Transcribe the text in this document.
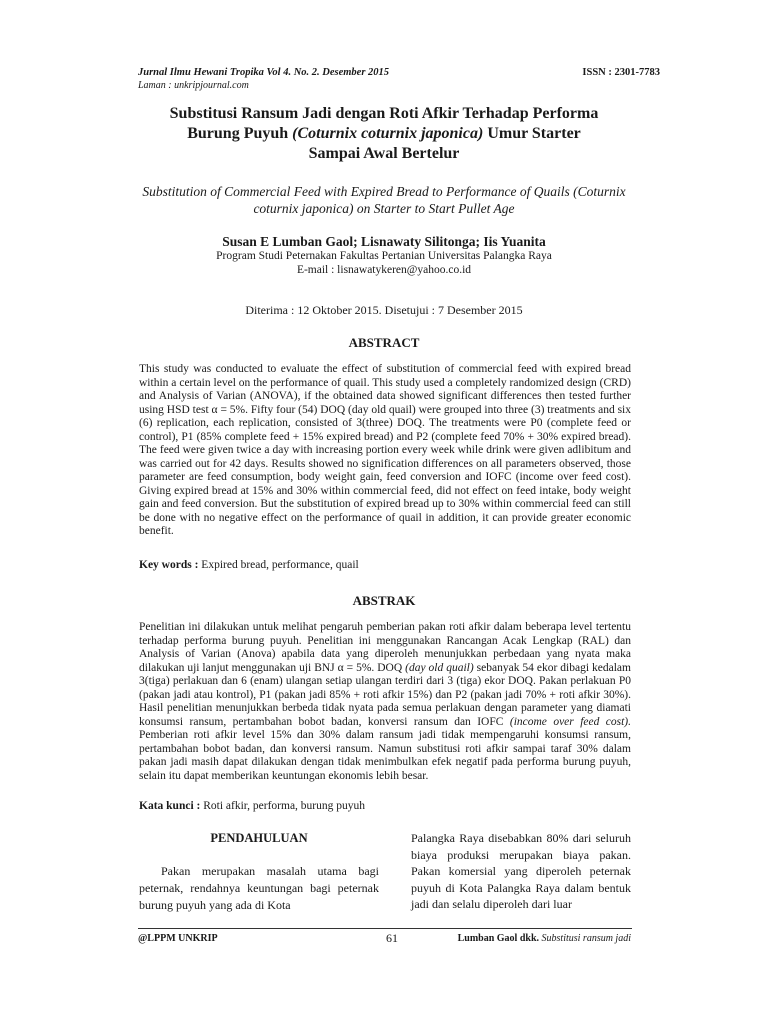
Jurnal Ilmu Hewani Tropika Vol 4. No. 2. Desember 2015
Laman : unkripjournal.com
ISSN : 2301-7783
Substitusi Ransum Jadi dengan Roti Afkir Terhadap Performa
Burung Puyuh (Coturnix coturnix japonica) Umur Starter
Sampai Awal Bertelur
Substitution of Commercial Feed with Expired Bread to Performance of Quails (Coturnix coturnix japonica) on Starter to Start Pullet Age
Susan E Lumban Gaol; Lisnawaty Silitonga; Iis Yuanita
Program Studi Peternakan Fakultas Pertanian Universitas Palangka Raya
E-mail : lisnawatykeren@yahoo.co.id
Diterima : 12 Oktober 2015. Disetujui : 7 Desember 2015
ABSTRACT
This study was conducted to evaluate the effect of substitution of commercial feed with expired bread within a certain level on the performance of quail. This study used a completely randomized design (CRD) and Analysis of Varian (ANOVA), if the obtained data showed significant differences then tested further using HSD test α = 5%. Fifty four (54) DOQ (day old quail) were grouped into three (3) treatments and six (6) replication, each replication, consisted of 3(three) DOQ. The treatments were P0 (complete feed or control), P1 (85% complete feed + 15% expired bread) and P2 (complete feed 70% + 30% expired bread). The feed were given twice a day with increasing portion every week while drink were given adlibitum and was carried out for 42 days. Results showed no signification differences on all parameters observed, those parameter are feed consumption, body weight gain, feed conversion and IOFC (income over feed cost). Giving expired bread at 15% and 30% within commercial feed, did not effect on feed intake, body weight gain and feed conversion. But the substitution of expired bread up to 30% within commercial feed can still be done with no negative effect on the performance of quail in addition, it can provide greater economic benefit.
Key words : Expired bread, performance, quail
ABSTRAK
Penelitian ini dilakukan untuk melihat pengaruh pemberian pakan roti afkir dalam beberapa level tertentu terhadap performa burung puyuh. Penelitian ini menggunakan Rancangan Acak Lengkap (RAL) dan Analysis of Varian (Anova) apabila data yang diperoleh menunjukkan perbedaan yang nyata maka dilakukan uji lanjut menggunakan uji BNJ α = 5%. DOQ (day old quail) sebanyak 54 ekor dibagi kedalam 3(tiga) perlakuan dan 6 (enam) ulangan setiap ulangan terdiri dari 3 (tiga) ekor DOQ. Pakan perlakuan P0 (pakan jadi atau kontrol), P1 (pakan jadi 85% + roti afkir 15%) dan P2 (pakan jadi 70% + roti afkir 30%). Hasil penelitian menunjukkan berbeda tidak nyata pada semua perlakuan dengan parameter yang diamati konsumsi ransum, pertambahan bobot badan, konversi ransum dan IOFC (income over feed cost). Pemberian roti afkir level 15% dan 30% dalam ransum jadi tidak mempengaruhi konsumsi ransum, pertambahan bobot badan, dan konversi ransum. Namun substitusi roti afkir sampai taraf 30% dalam pakan jadi masih dapat dilakukan dengan tidak menimbulkan efek negatif pada performa burung puyuh, selain itu dapat memberikan keuntungan ekonomis lebih besar.
Kata kunci : Roti afkir, performa, burung puyuh
PENDAHULUAN
Pakan merupakan masalah utama bagi peternak, rendahnya keuntungan bagi peternak burung puyuh yang ada di Kota
Palangka Raya disebabkan 80% dari seluruh biaya produksi merupakan biaya pakan. Pakan komersial yang diperoleh peternak puyuh di Kota Palangka Raya dalam bentuk jadi dan selalu diperoleh dari luar
@LPPM UNKRIP	61	Lumban Gaol dkk. Substitusi ransum jadi
